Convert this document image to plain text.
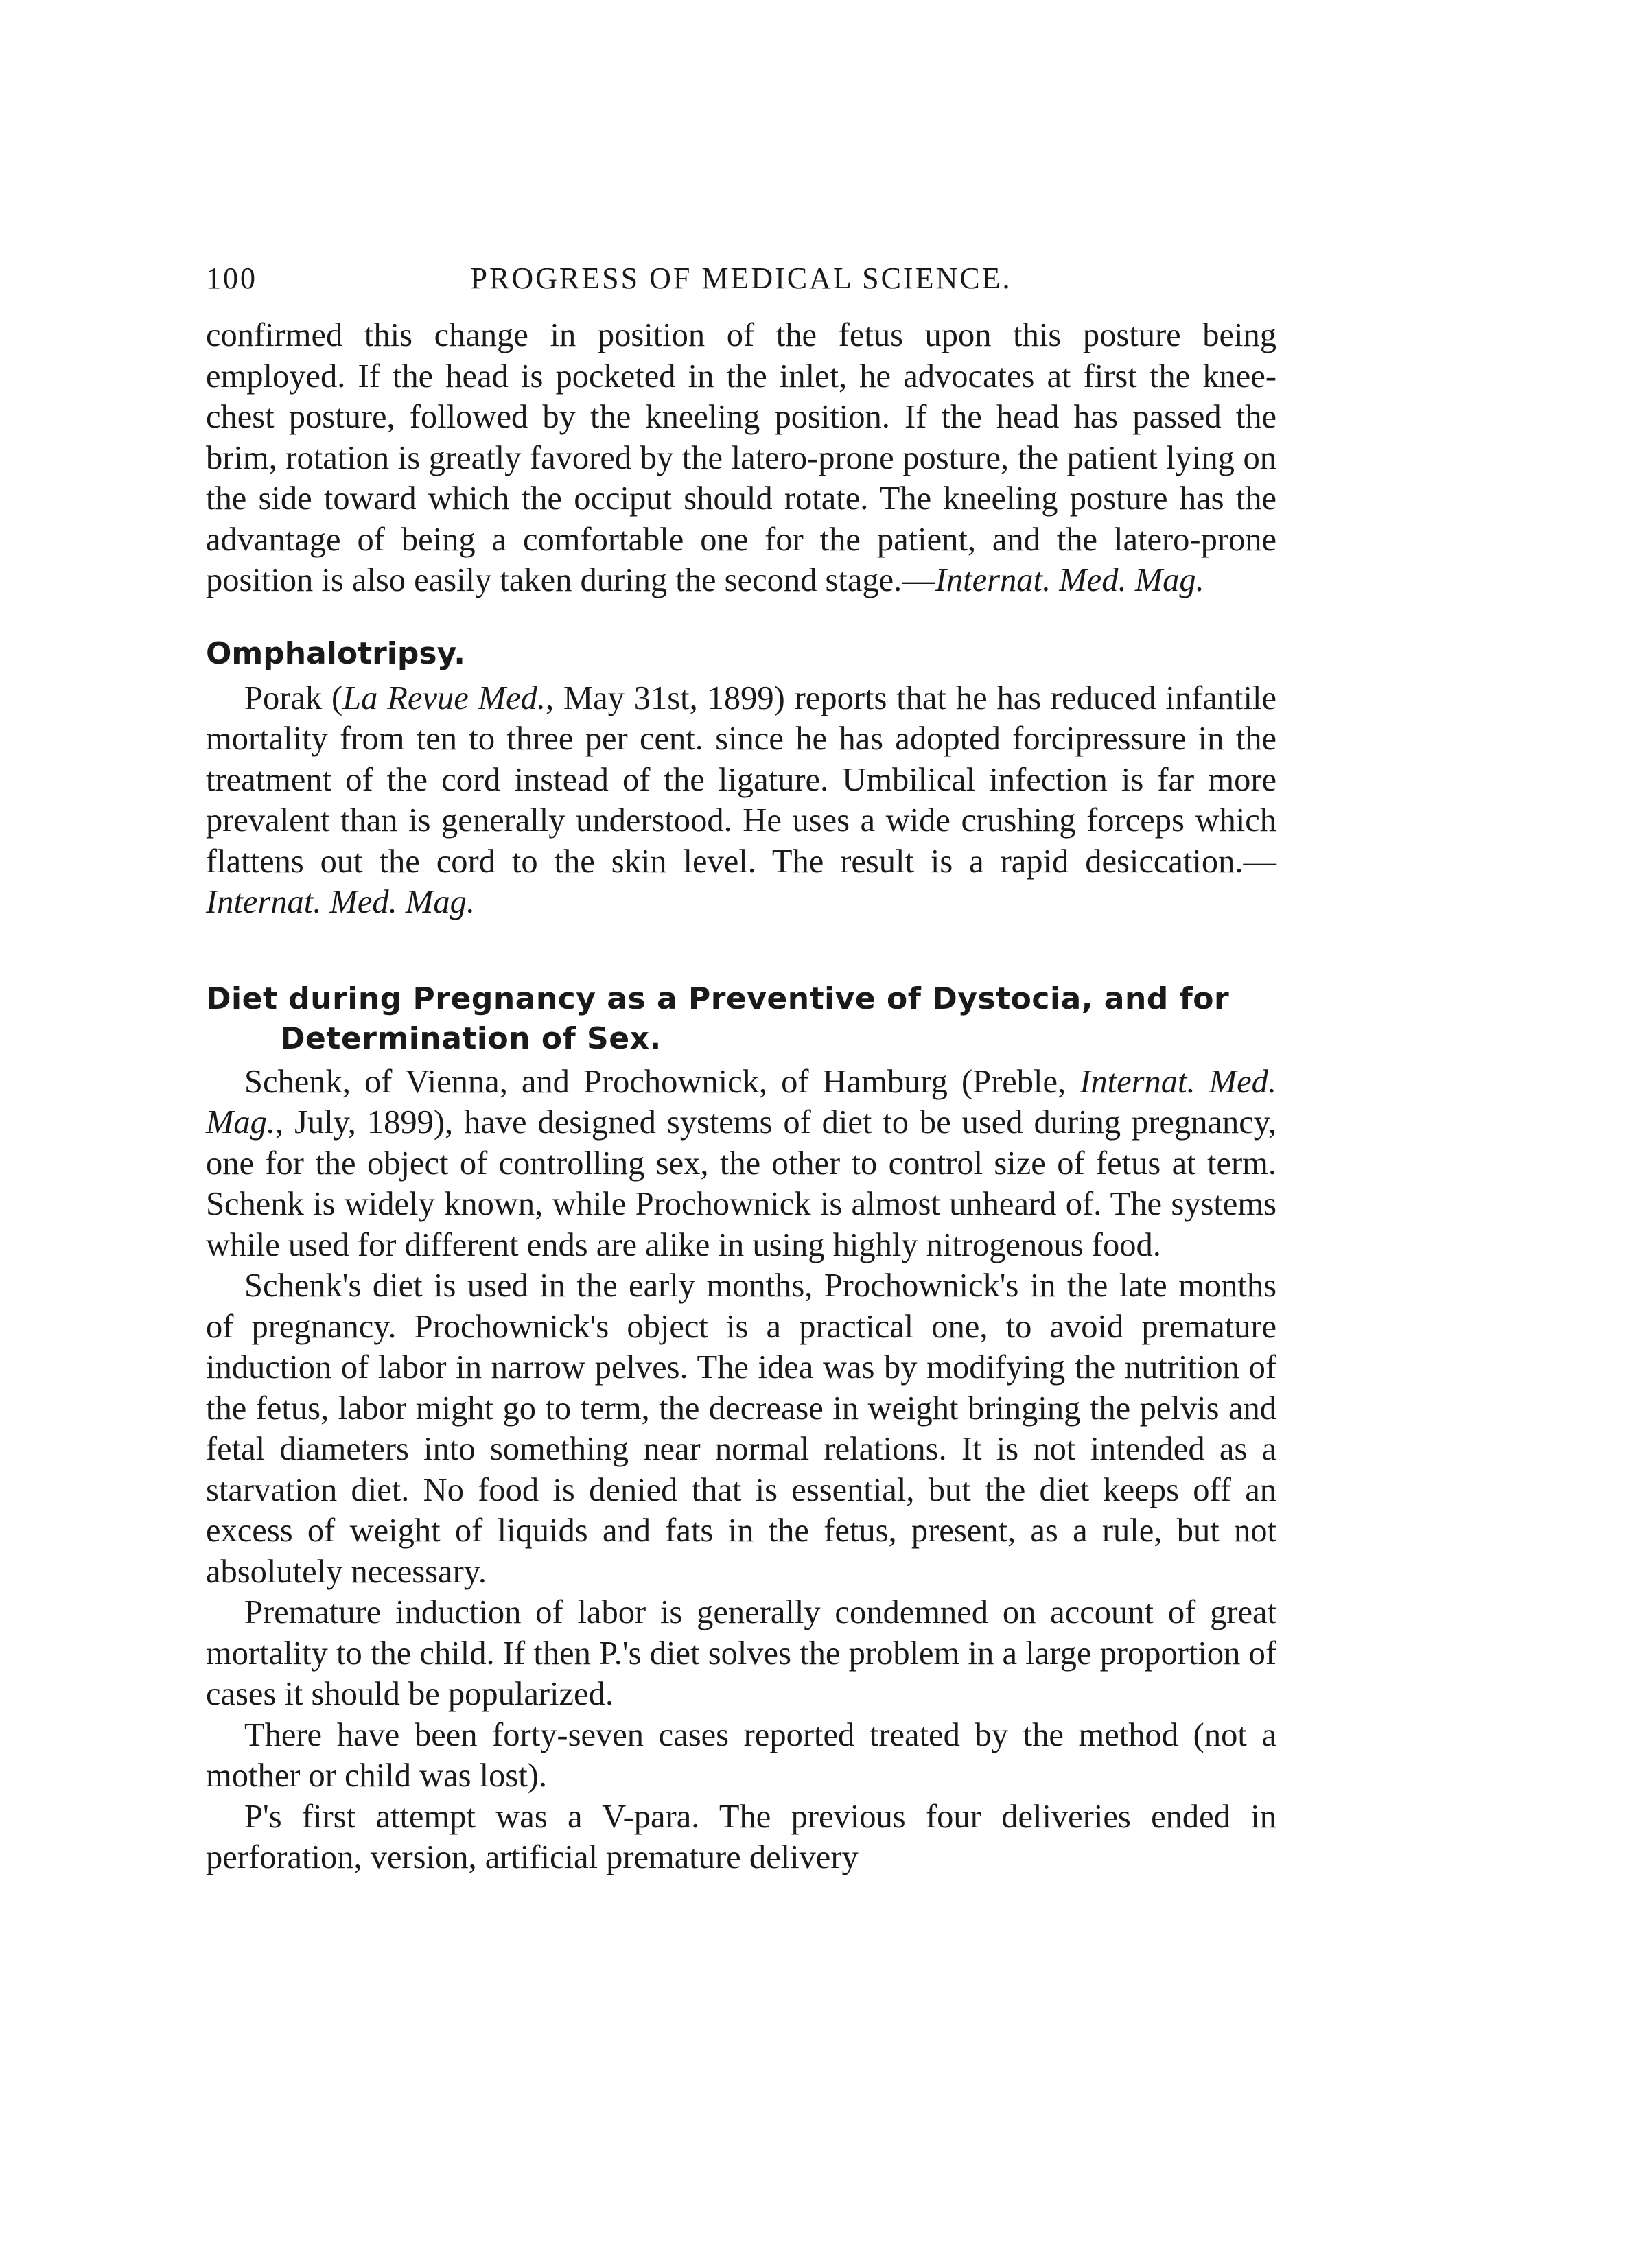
100	PROGRESS OF MEDICAL SCIENCE.

confirmed this change in position of the fetus upon this posture being employed. If the head is pocketed in the inlet, he advocates at first the knee-chest posture, followed by the kneeling position. If the head has passed the brim, rotation is greatly favored by the latero-prone posture, the patient lying on the side toward which the occiput should rotate. The kneeling posture has the advantage of being a comfortable one for the patient, and the latero-prone position is also easily taken during the second stage.—Internat. Med. Mag.

Omphalotripsy.

Porak (La Revue Med., May 31st, 1899) reports that he has reduced infantile mortality from ten to three per cent. since he has adopted forcipressure in the treatment of the cord instead of the ligature. Umbilical infection is far more prevalent than is generally understood. He uses a wide crushing forceps which flattens out the cord to the skin level. The result is a rapid desiccation.—Internat. Med. Mag.

Diet during Pregnancy as a Preventive of Dystocia, and for Determination of Sex.

Schenk, of Vienna, and Prochownick, of Hamburg (Preble, Internat. Med. Mag., July, 1899), have designed systems of diet to be used during pregnancy, one for the object of controlling sex, the other to control size of fetus at term. Schenk is widely known, while Prochownick is almost unheard of. The systems while used for different ends are alike in using highly nitrogenous food.

Schenk's diet is used in the early months, Prochownick's in the late months of pregnancy. Prochownick's object is a practical one, to avoid premature induction of labor in narrow pelves. The idea was by modifying the nutrition of the fetus, labor might go to term, the decrease in weight bringing the pelvis and fetal diameters into something near normal relations. It is not intended as a starvation diet. No food is denied that is essential, but the diet keeps off an excess of weight of liquids and fats in the fetus, present, as a rule, but not absolutely necessary.

Premature induction of labor is generally condemned on account of great mortality to the child. If then P.'s diet solves the problem in a large proportion of cases it should be popularized.

There have been forty-seven cases reported treated by the method (not a mother or child was lost).

P's first attempt was a V-para. The previous four deliveries ended in perforation, version, artificial premature delivery
